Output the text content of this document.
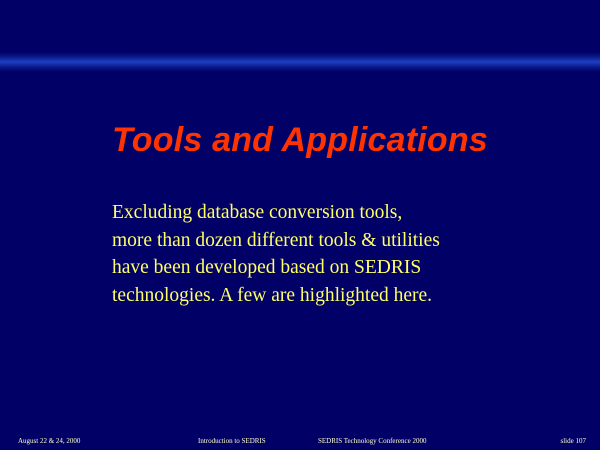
Tools and Applications
Excluding database conversion tools,
more than dozen different tools & utilities
have been developed based on SEDRIS
technologies. A few are highlighted here.
August 22 & 24, 2000	Introduction to SEDRIS	SEDRIS Technology Conference 2000	slide 107
